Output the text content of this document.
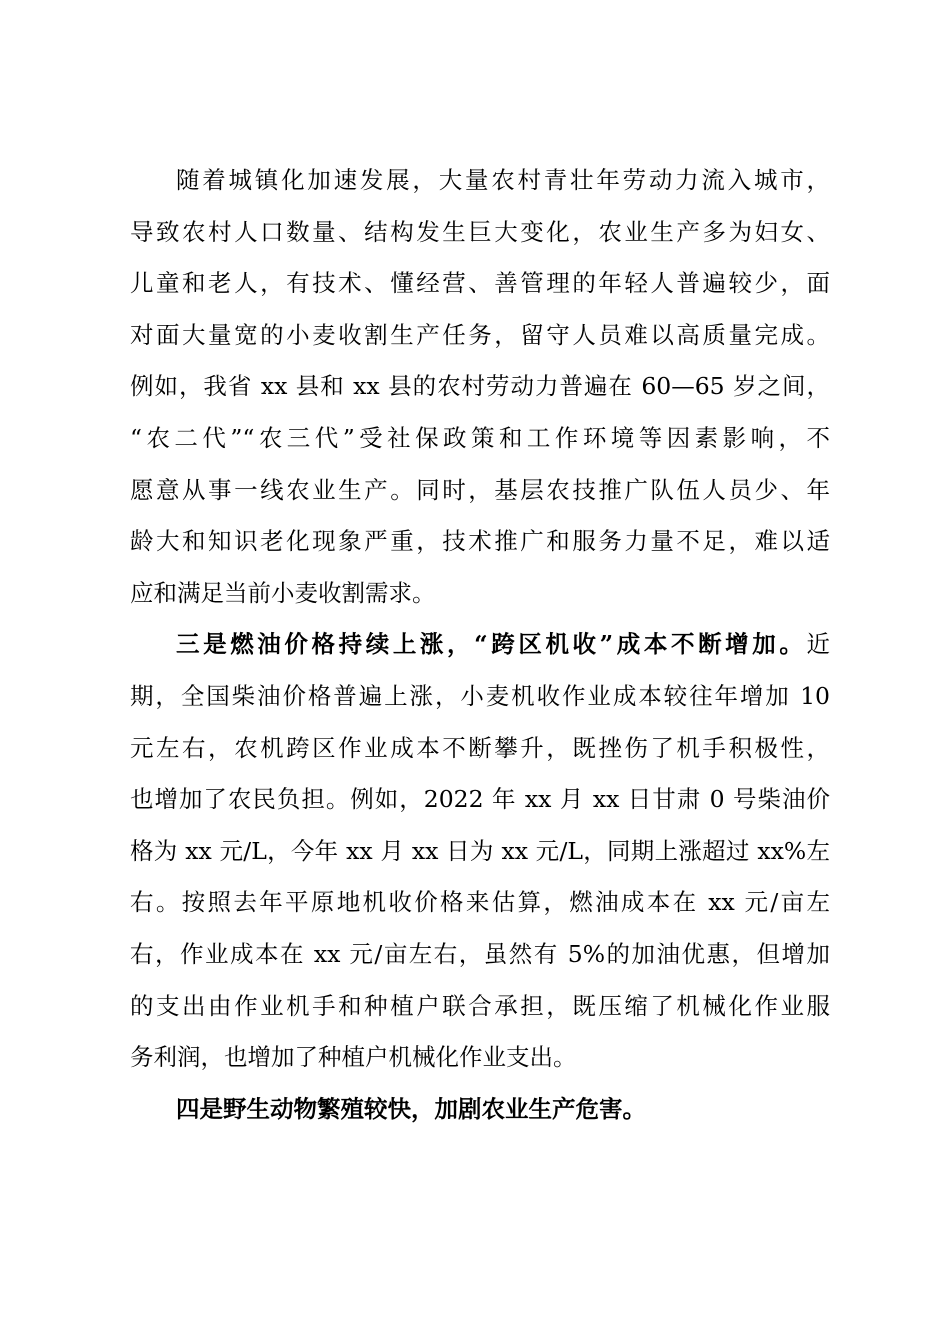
随着城镇化加速发展，大量农村青壮年劳动力流入城市，
导致农村人口数量、结构发生巨大变化，农业生产多为妇女、
儿童和老人，有技术、懂经营、善管理的年轻人普遍较少，面
对面大量宽的小麦收割生产任务，留守人员难以高质量完成。
例如，我省 xx 县和 xx 县的农村劳动力普遍在 60—65 岁之间，
“农二代”“农三代”受社保政策和工作环境等因素影响，不
愿意从事一线农业生产。同时，基层农技推广队伍人员少、年
龄大和知识老化现象严重，技术推广和服务力量不足，难以适
应和满足当前小麦收割需求。
三是燃油价格持续上涨，“跨区机收”成本不断增加。近
期，全国柴油价格普遍上涨，小麦机收作业成本较往年增加 10
元左右，农机跨区作业成本不断攀升，既挫伤了机手积极性，
也增加了农民负担。例如，2022 年 xx 月 xx 日甘肃 0 号柴油价
格为 xx 元/L，今年 xx 月 xx 日为 xx 元/L，同期上涨超过 xx%左
右。按照去年平原地机收价格来估算，燃油成本在 xx 元/亩左
右，作业成本在 xx 元/亩左右，虽然有 5%的加油优惠，但增加
的支出由作业机手和种植户联合承担，既压缩了机械化作业服
务利润，也增加了种植户机械化作业支出。
四是野生动物繁殖较快，加剧农业生产危害。
